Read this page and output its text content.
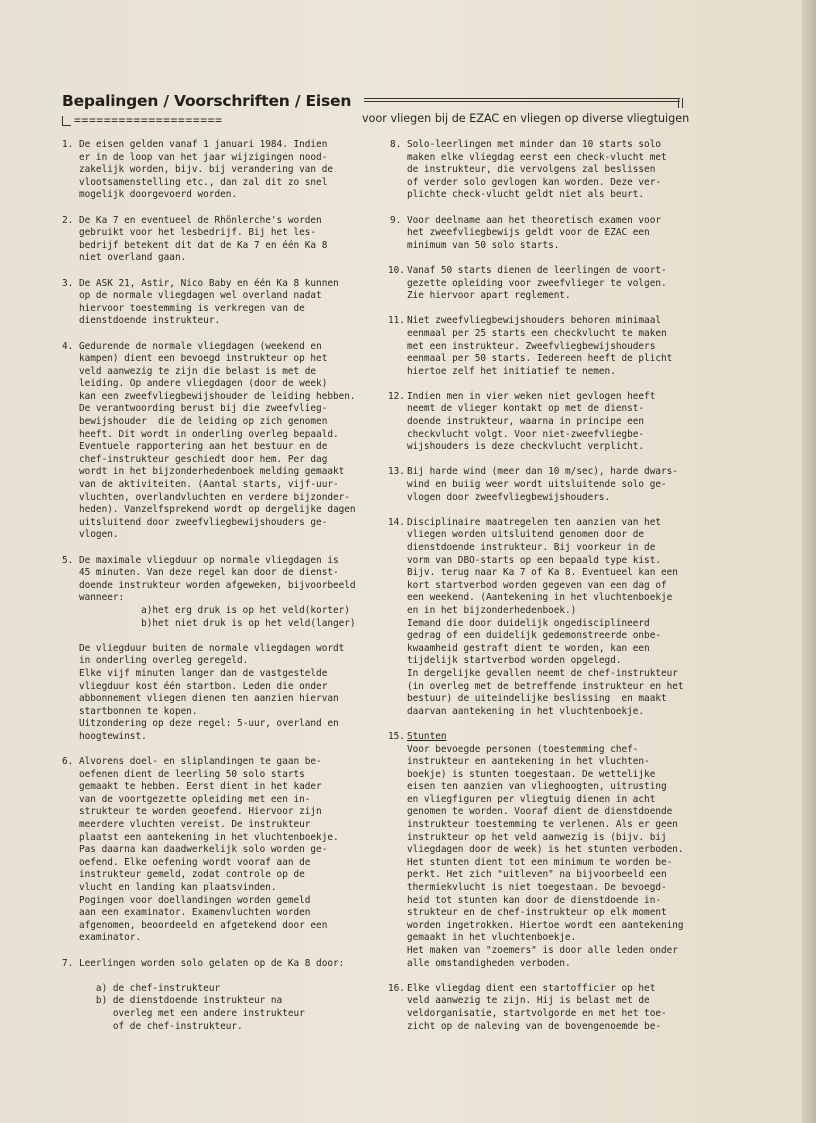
Bepalingen / Voorschriften / Eisen
====================	voor vliegen bij de EZAC en vliegen op diverse vliegtuigen
1. De eisen gelden vanaf 1 januari 1984. Indien
er in de loop van het jaar wijzigingen nood-
zakelijk worden, bijv. bij verandering van de
vlootsamenstelling etc., dan zal dit zo snel
mogelijk doorgevoerd worden.
2. De Ka 7 en eventueel de Rhönlerche's worden
gebruikt voor het lesbedrijf. Bij het les-
bedrijf betekent dit dat de Ka 7 en één Ka 8
niet overland gaan.
3. De ASK 21, Astir, Nico Baby en één Ka 8 kunnen
op de normale vliegdagen wel overland nadat
hiervoor toestemming is verkregen van de
dienstdoende instrukteur.
4. Gedurende de normale vliegdagen (weekend en
kampen) dient een bevoegd instrukteur op het
veld aanwezig te zijn die belast is met de
leiding. Op andere vliegdagen (door de week)
kan een zweefvliegbewijshouder de leiding hebben.
De verantwoording berust bij die zweefvlieg-
bewijshouder  die de leiding op zich genomen
heeft. Dit wordt in onderling overleg bepaald.
Eventuele rapportering aan het bestuur en de
chef-instrukteur geschiedt door hem. Per dag
wordt in het bijzonderhedenboek melding gemaakt
van de aktiviteiten. (Aantal starts, vijf-uur-
vluchten, overlandvluchten en verdere bijzonder-
heden). Vanzelfsprekend wordt op dergelijke dagen
uitsluitend door zweefvliegbewijshouders ge-
vlogen.
5. De maximale vliegduur op normale vliegdagen is
45 minuten. Van deze regel kan door de dienst-
doende instrukteur worden afgeweken, bijvoorbeeld
wanneer:
a)het erg druk is op het veld(korter)
b)het niet druk is op het veld(langer)
De vliegduur buiten de normale vliegdagen wordt
in onderling overleg geregeld.
Elke vijf minuten langer dan de vastgestelde
vliegduur kost één startbon. Leden die onder
abbonnement vliegen dienen ten aanzien hiervan
startbonnen te kopen.
Uitzondering op deze regel: 5-uur, overland en
hoogtewinst.
6. Alvorens doel- en sliplandingen te gaan be-
oefenen dient de leerling 50 solo starts
gemaakt te hebben. Eerst dient in het kader
van de voortgezette opleiding met een in-
strukteur te worden geoefend. Hiervoor zijn
meerdere vluchten vereist. De instrukteur
plaatst een aantekening in het vluchtenboekje.
Pas daarna kan daadwerkelijk solo worden ge-
oefend. Elke oefening wordt vooraf aan de
instrukteur gemeld, zodat controle op de
vlucht en landing kan plaatsvinden.
Pogingen voor doellandingen worden gemeld
aan een examinator. Examenvluchten worden
afgenomen, beoordeeld en afgetekend door een
examinator.
7. Leerlingen worden solo gelaten op de Ka 8 door:
a) de chef-instrukteur
b) de dienstdoende instrukteur na
overleg met een andere instrukteur
of de chef-instrukteur.
8. Solo-leerlingen met minder dan 10 starts solo
maken elke vliegdag eerst een check-vlucht met
de instrukteur, die vervolgens zal beslissen
of verder solo gevlogen kan worden. Deze ver-
plichte check-vlucht geldt niet als beurt.
9. Voor deelname aan het theoretisch examen voor
het zweefvliegbewijs geldt voor de EZAC een
minimum van 50 solo starts.
10. Vanaf 50 starts dienen de leerlingen de voort-
gezette opleiding voor zweefvlieger te volgen.
Zie hiervoor apart reglement.
11. Niet zweefvliegbewijshouders behoren minimaal
eenmaal per 25 starts een checkvlucht te maken
met een instrukteur. Zweefvliegbewijshouders
eenmaal per 50 starts. Iedereen heeft de plicht
hiertoe zelf het initiatief te nemen.
12. Indien men in vier weken niet gevlogen heeft
neemt de vlieger kontakt op met de dienst-
doende instrukteur, waarna in principe een
checkvlucht volgt. Voor niet-zweefvliegbe-
wijshouders is deze checkvlucht verplicht.
13. Bij harde wind (meer dan 10 m/sec), harde dwars-
wind en buiig weer wordt uitsluitende solo ge-
vlogen door zweefvliegbewijshouders.
14. Disciplinaire maatregelen ten aanzien van het
vliegen worden uitsluitend genomen door de
dienstdoende instrukteur. Bij voorkeur in de
vorm van DBO-starts op een bepaald type kist.
Bijv. terug naar Ka 7 of Ka 8. Eventueel kan een
kort startverbod worden gegeven van een dag of
een weekend. (Aantekening in het vluchtenboekje
en in het bijzonderhedenboek.)
Iemand die door duidelijk ongedisciplineerd
gedrag of een duidelijk gedemonstreerde onbe-
kwaamheid gestraft dient te worden, kan een
tijdelijk startverbod worden opgelegd.
In dergelijke gevallen neemt de chef-instrukteur
(in overleg met de betreffende instrukteur en het
bestuur) de uiteindelijke beslissing  en maakt
daarvan aantekening in het vluchtenboekje.
15. Stunten
Voor bevoegde personen (toestemming chef-
instrukteur en aantekening in het vluchten-
boekje) is stunten toegestaan. De wettelijke
eisen ten aanzien van vlieghoogten, uitrusting
en vliegfiguren per vliegtuig dienen in acht
genomen te worden. Vooraf dient de dienstdoende
instrukteur toestemming te verlenen. Als er geen
instrukteur op het veld aanwezig is (bijv. bij
vliegdagen door de week) is het stunten verboden.
Het stunten dient tot een minimum te worden be-
perkt. Het zich "uitleven" na bijvoorbeeld een
thermiekvlucht is niet toegestaan. De bevoegd-
heid tot stunten kan door de dienstdoende in-
strukteur en de chef-instrukteur op elk moment
worden ingetrokken. Hiertoe wordt een aantekening
gemaakt in het vluchtenboekje.
Het maken van "zoemers" is door alle leden onder
alle omstandigheden verboden.
16. Elke vliegdag dient een startofficier op het
veld aanwezig te zijn. Hij is belast met de
veldorganisatie, startvolgorde en met het toe-
zicht op de naleving van de bovengenoemde be-
